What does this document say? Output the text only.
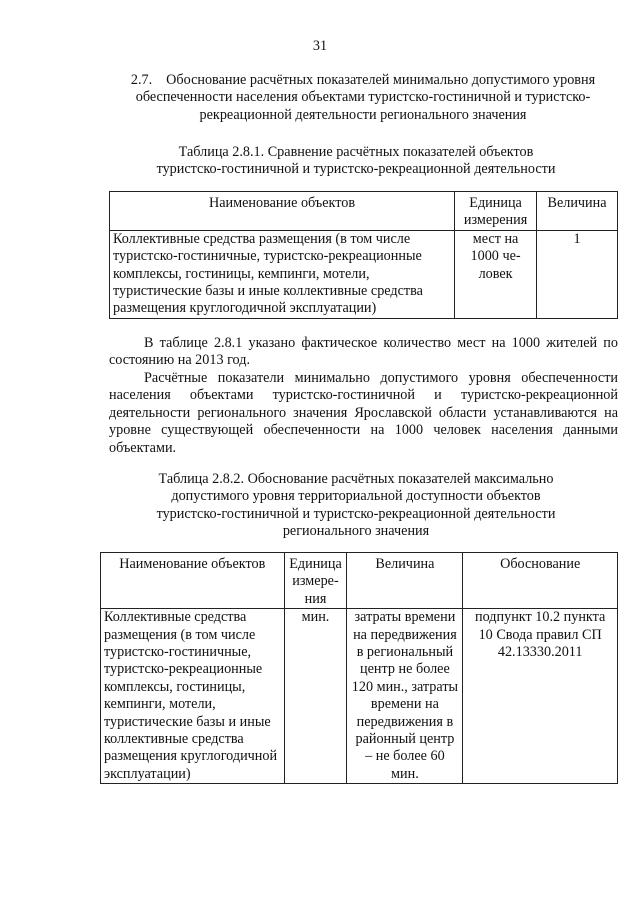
31
2.7. Обоснование расчётных показателей минимально допустимого уровня обеспеченности населения объектами туристско-гостиничной и туристско-рекреационной деятельности регионального значения
Таблица 2.8.1. Сравнение расчётных показателей объектов
туристско-гостиничной и туристско-рекреационной деятельности
Наименование объектов	Единица измерения	Величина
Коллективные средства размещения (в том числе туристско-гостиничные, туристско-рекреационные комплексы, гостиницы, кемпинги, мотели, туристические базы и иные коллективные средства размещения круглогодичной эксплуатации)	мест на 1000 че-ловек	1
В таблице 2.8.1 указано фактическое количество мест на 1000 жителей по состоянию на 2013 год.
Расчётные показатели минимально допустимого уровня обеспеченности населения объектами туристско-гостиничной и туристско-рекреационной деятельности регионального значения Ярославской области устанавливаются на уровне существующей обеспеченности на 1000 человек населения данными объектами.
Таблица 2.8.2. Обоснование расчётных показателей максимально
допустимого уровня территориальной доступности объектов
туристско-гостиничной и туристско-рекреационной деятельности
регионального значения
Наименование объектов	Единица измере-ния	Величина	Обоснование
Коллективные средства размещения (в том числе туристско-гостиничные, туристско-рекреационные комплексы, гостиницы, кемпинги, мотели, туристические базы и иные коллективные средства размещения круглогодичной эксплуатации)	мин.	затраты времени на передвижения в региональный центр не более 120 мин., затраты времени на передвижения в районный центр – не более 60 мин.	подпункт 10.2 пункта 10 Свода правил СП 42.13330.2011
